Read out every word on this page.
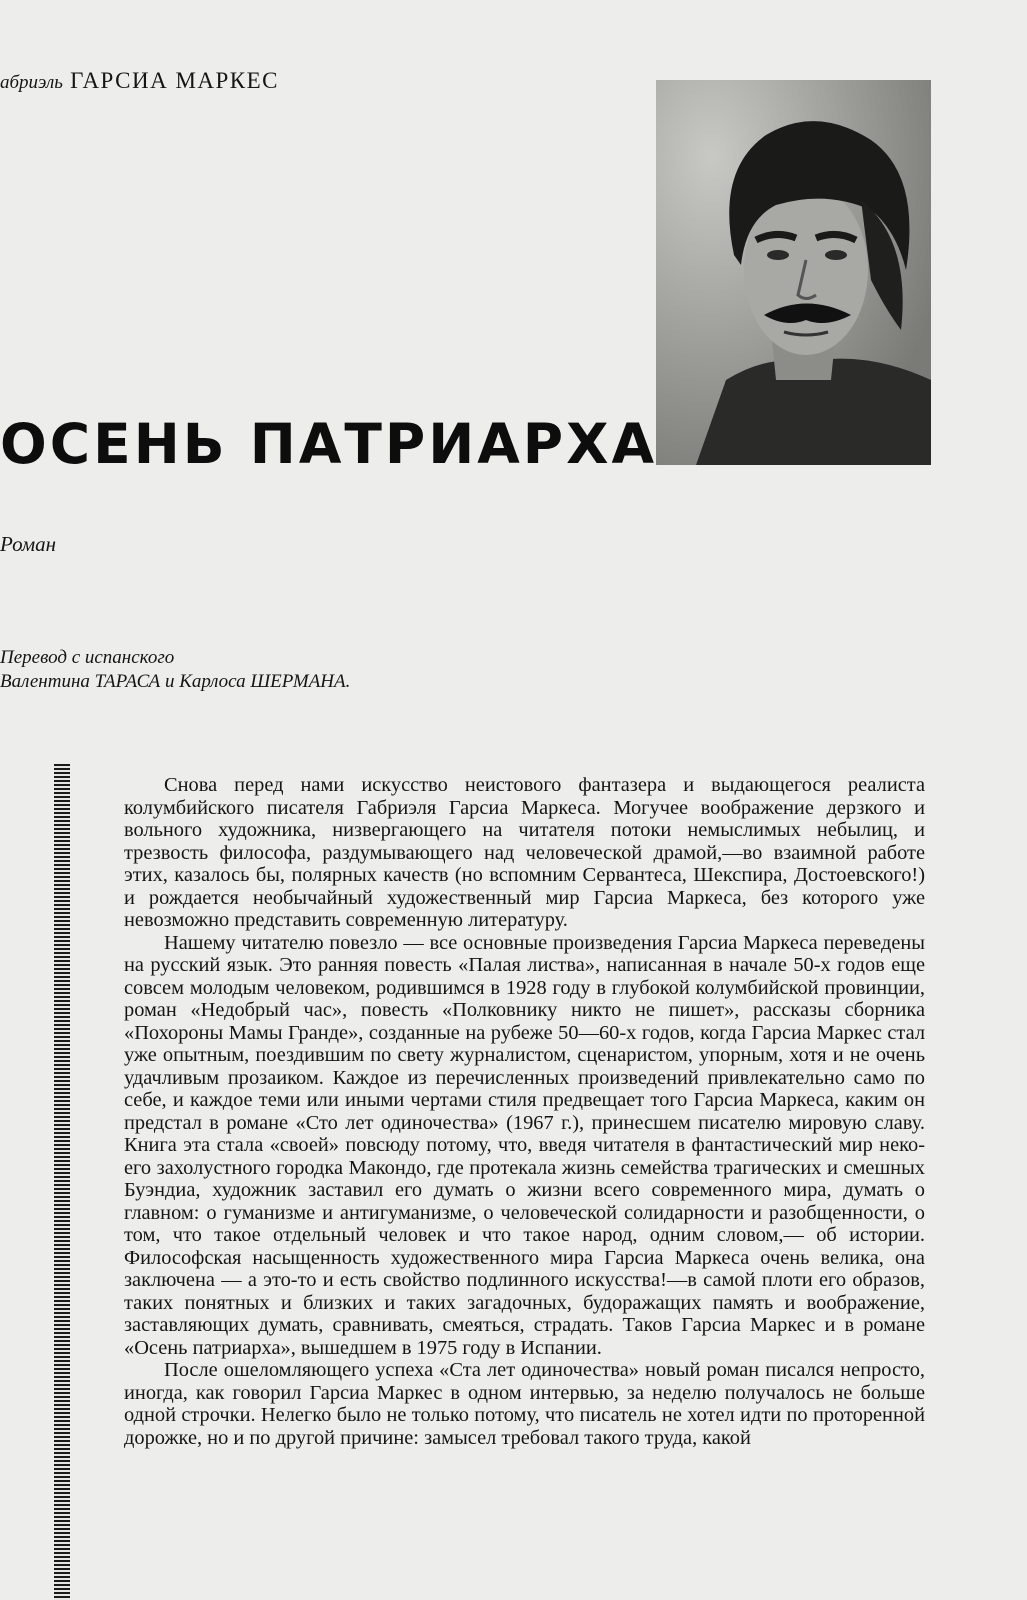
абриэль ГАРСИА МАРКЕС
ОСЕНЬ ПАТРИАРХА
Роман
Перевод с испанского
Валентина ТАРАСА и Карлоса ШЕРМАНА.

Снова перед нами искусство неистового фантазера и выдающегося реалиста колумбийского писателя Габриэля Гарсиа Маркеса. Могучее воображение дерзкого и вольного художника, низвергающего на читателя потоки немыслимых небылиц, и трезвость философа, раздумывающего над человеческой драмой,—во взаимной работе этих, казалось бы, полярных качеств (но вспомним Сервантеса, Шекспира, Достоевского!) и рождается необычайный художественный мир Гарсиа Маркеса, без которого уже невозможно представить современную литературу.

Нашему читателю повезло — все основные произведения Гарсиа Маркеса переведены на русский язык. Это ранняя повесть «Палая листва», написанная в начале 50-х годов еще совсем молодым человеком, родившимся в 1928 году в глубокой колумбийской провинции, роман «Недобрый час», повесть «Полковнику никто не пишет», рассказы сборника «Похороны Мамы Гранде», созданные на рубеже 50—60-х годов, когда Гарсиа Маркес стал уже опытным, поездившим по свету журналистом, сценаристом, упорным, хотя и не очень удачливым прозаиком. Каждое из перечисленных произведений привлекательно само по себе, и каждое теми или иными чертами стиля предвещает того Гарсиа Маркеса, каким он предстал в романе «Сто лет одиночества» (1967 г.), принесшем писателю мировую славу. Книга эта стала «своей» повсюду потому, что, введя читателя в фантастический мир некоего захолустного городка Макондо, где протекала жизнь семейства трагических и смешных Буэндиа, художник заставил его думать о жизни всего современного мира, думать о главном: о гуманизме и антигуманизме, о человеческой солидарности и разобщенности, о том, что такое отдельный человек и что такое народ, одним словом,— об истории. Философская насыщенность художественного мира Гарсиа Маркеса очень велика, она заключена — а это-то и есть свойство подлинного искусства!—в самой плоти его образов, таких понятных и близких и таких загадочных, будоражащих память и воображение, заставляющих думать, сравнивать, смеяться, страдать. Таков Гарсиа Маркес и в романе «Осень патриарха», вышедшем в 1975 году в Испании.

После ошеломляющего успеха «Ста лет одиночества» новый роман писался непросто, иногда, как говорил Гарсиа Маркес в одном интервью, за неделю получалось не больше одной строчки. Нелегко было не только потому, что писатель не хотел идти по проторенной дорожке, но и по другой причине: замысел требовал такого труда, какой
